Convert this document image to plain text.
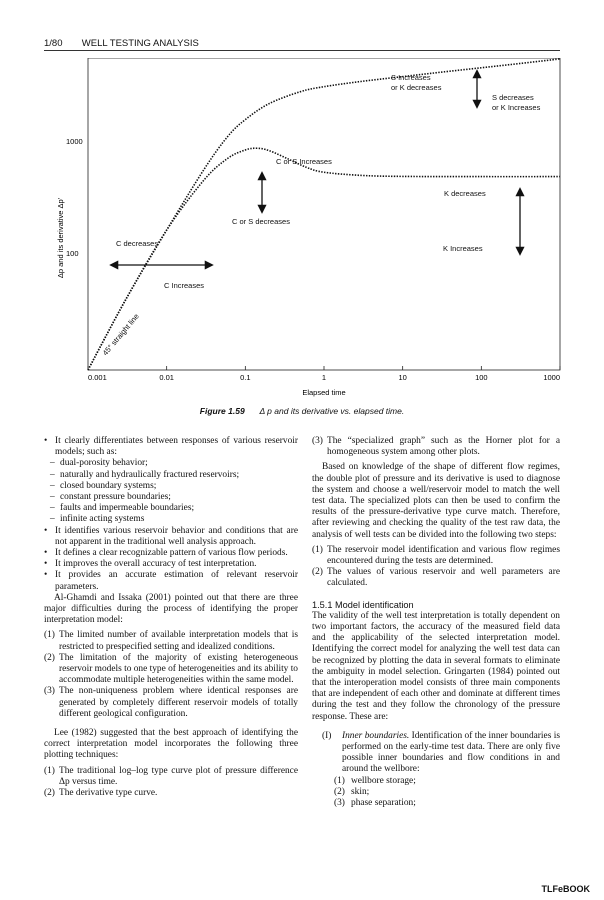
1/80 WELL TESTING ANALYSIS
0.001	0.01	0.1	1	10	100	1000
100
1000
Elapsed time
Δp and its derivative Δp'
S Increases
or K decreases
S decreases
or K Increases
C or S Increases
C or S decreases
K decreases
K Increases
C decreases
C Increases
45° straight line
Figure 1.59 Δ p and its derivative vs. elapsed time.
• It clearly differentiates between responses of various reservoir models; such as:
– dual-porosity behavior;
– naturally and hydraulically fractured reservoirs;
– closed boundary systems;
– constant pressure boundaries;
– faults and impermeable boundaries;
– infinite acting systems
• It identifies various reservoir behavior and conditions that are not apparent in the traditional well analysis approach.
• It defines a clear recognizable pattern of various flow periods.
• It improves the overall accuracy of test interpretation.
• It provides an accurate estimation of relevant reservoir parameters.

Al-Ghamdi and Issaka (2001) pointed out that there are three major difficulties during the process of identifying the proper interpretation model:

(1) The limited number of available interpretation models that is restricted to prespecified setting and idealized conditions.
(2) The limitation of the majority of existing heterogeneous reservoir models to one type of heterogeneities and its ability to accommodate multiple heterogeneities within the same model.
(3) The non-uniqueness problem where identical responses are generated by completely different reservoir models of totally different geological configuration.

Lee (1982) suggested that the best approach of identifying the correct interpretation model incorporates the following three plotting techniques:

(1) The traditional log–log type curve plot of pressure difference Δp versus time.
(2) The derivative type curve.
(3) The “specialized graph” such as the Horner plot for a homogeneous system among other plots.

Based on knowledge of the shape of different flow regimes, the double plot of pressure and its derivative is used to diagnose the system and choose a well/reservoir model to match the well test data. The specialized plots can then be used to confirm the results of the pressure-derivative type curve match. Therefore, after reviewing and checking the quality of the test raw data, the analysis of well tests can be divided into the following two steps:

(1) The reservoir model identification and various flow regimes encountered during the tests are determined.
(2) The values of various reservoir and well parameters are calculated.
1.5.1 Model identification

The validity of the well test interpretation is totally dependent on two important factors, the accuracy of the measured field data and the applicability of the selected interpretation model. Identifying the correct model for analyzing the well test data can be recognized by plotting the data in several formats to eliminate the ambiguity in model selection. Gringarten (1984) pointed out that the interoperation model consists of three main components that are independent of each other and dominate at different times during the test and they follow the chronology of the pressure response. These are:

(I)	Inner boundaries. Identification of the inner boundaries is performed on the early-time test data. There are only five possible inner boundaries and flow conditions in and around the wellbore:
(1) wellbore storage;
(2) skin;
(3) phase separation;
TLFeBOOK
